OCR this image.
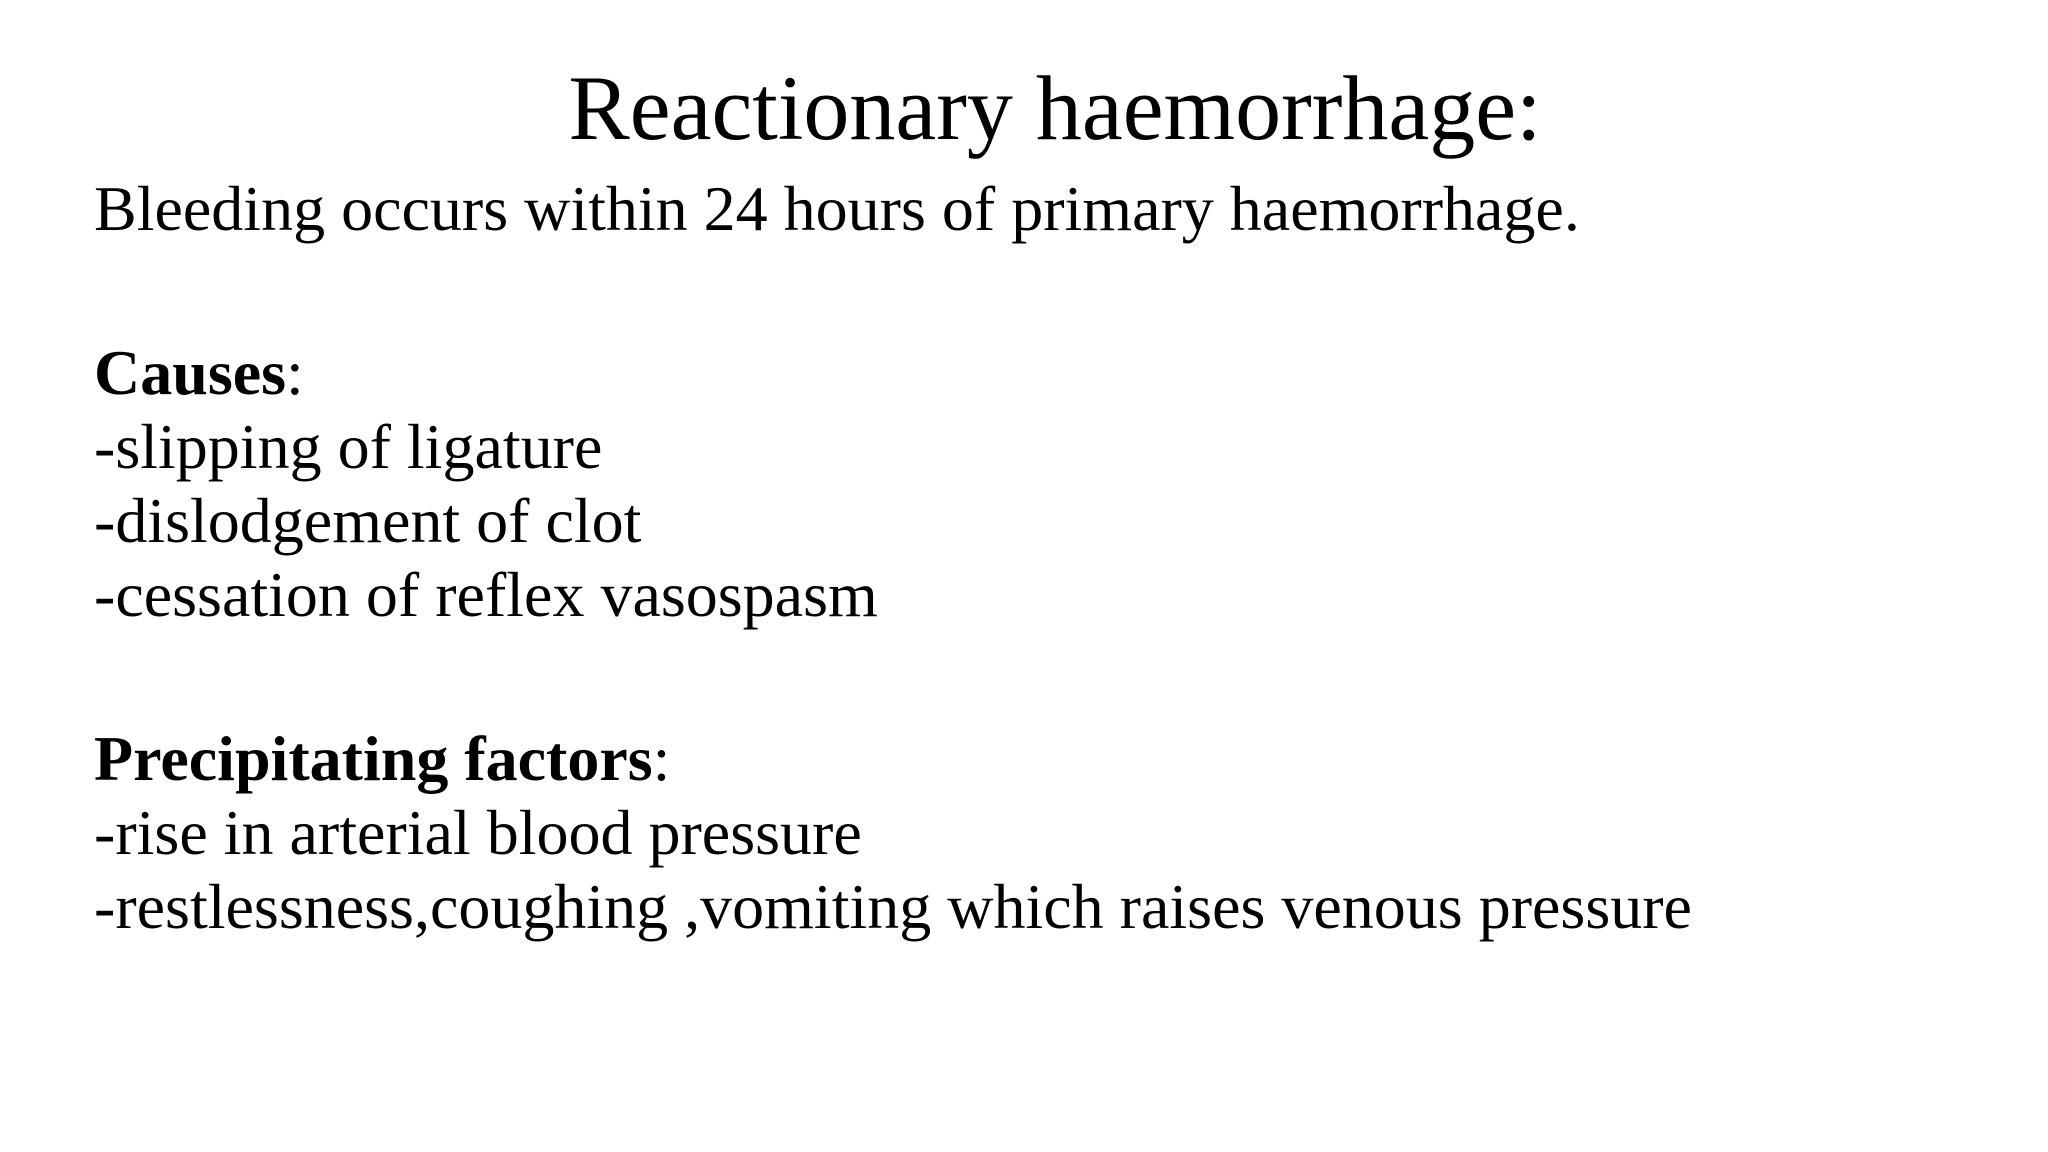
Reactionary haemorrhage:
Bleeding occurs within 24 hours of primary haemorrhage.
Causes:
-slipping of ligature
-dislodgement of clot
-cessation of reflex vasospasm
Precipitating factors:
-rise in arterial blood pressure
-restlessness,coughing ,vomiting which raises venous pressure
